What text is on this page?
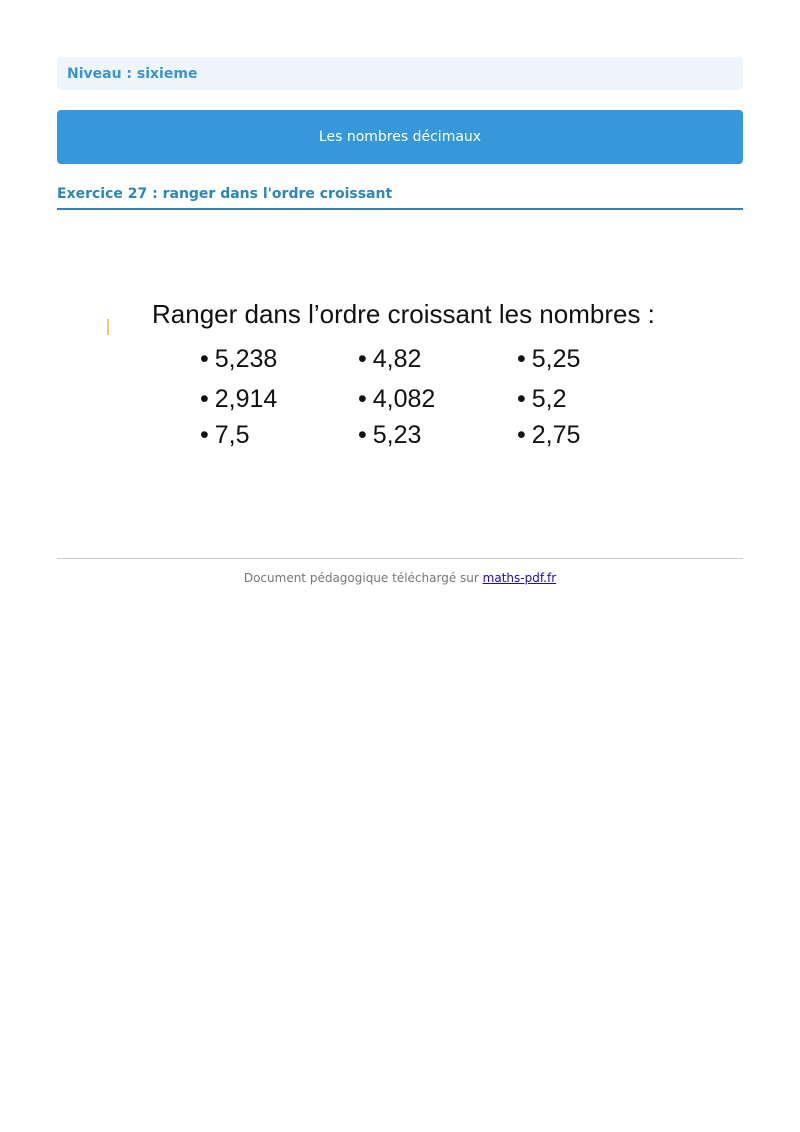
Niveau : sixieme
Les nombres décimaux
Exercice 27 : ranger dans l'ordre croissant
Ranger dans l’ordre croissant les nombres :
• 5,238	• 4,82	• 5,25
• 2,914	• 4,082	• 5,2
• 7,5	• 5,23	• 2,75
Document pédagogique téléchargé sur maths-pdf.fr
